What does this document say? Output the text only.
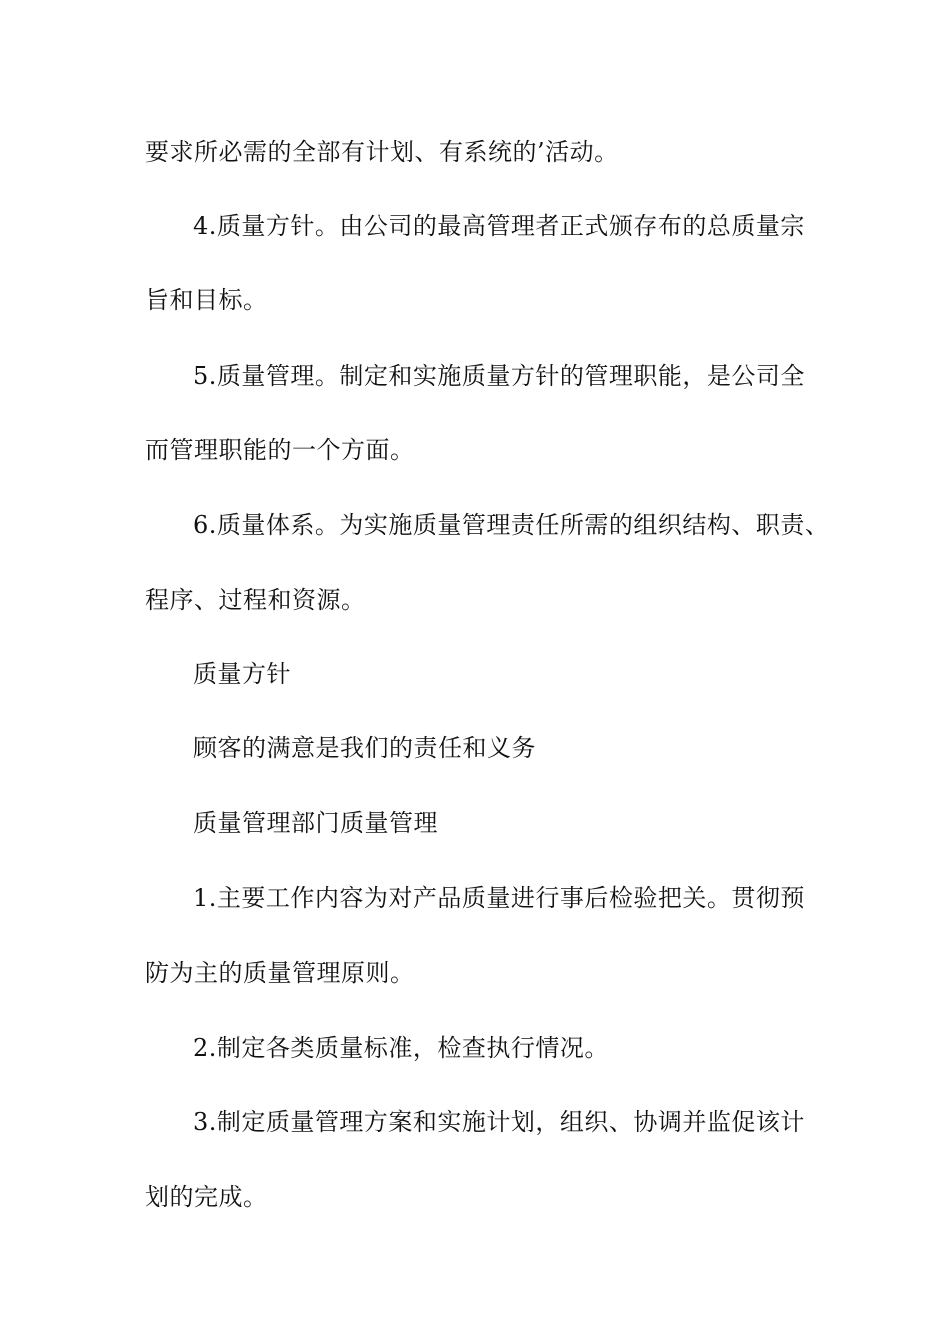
要求所必需的全部有计划、有系统的’活动。
4.质量方针。由公司的最高管理者正式颁存布的总质量宗
旨和目标。
5.质量管理。制定和实施质量方针的管理职能，是公司全
而管理职能的一个方面。
6.质量体系。为实施质量管理责任所需的组织结构、职责、
程序、过程和资源。
质量方针
顾客的满意是我们的责任和义务
质量管理部门质量管理
1.主要工作内容为对产品质量进行事后检验把关。贯彻预
防为主的质量管理原则。
2.制定各类质量标准，检查执行情况。
3.制定质量管理方案和实施计划，组织、协调并监促该计
划的完成。
